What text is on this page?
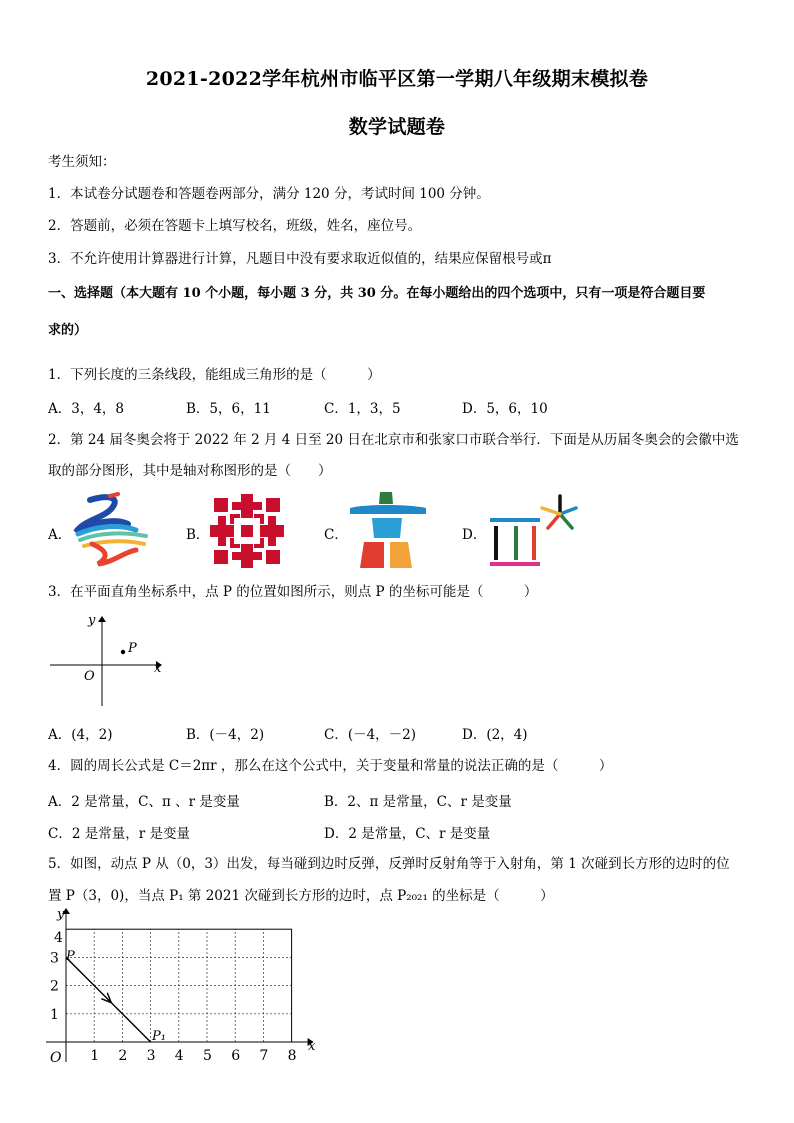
2021-2022学年杭州市临平区第一学期八年级期末模拟卷
数学试题卷
考生须知：
1．本试卷分试题卷和答题卷两部分，满分 120 分，考试时间 100 分钟。
2．答题前，必须在答题卡上填写校名，班级，姓名，座位号。
3．不允许使用计算器进行计算，凡题目中没有要求取近似值的，结果应保留根号或π
一、选择题（本大题有 10 个小题，每小题 3 分，共 30 分。在每小题给出的四个选项中，只有一项是符合题目要
求的）
1．下列长度的三条线段，能组成三角形的是（　　　）
A．3，4，8	B．5，6，11	C．1，3，5	D．5，6，10
2．第 24 届冬奥会将于 2022 年 2 月 4 日至 20 日在北京市和张家口市联合举行．下面是从历届冬奥会的会徽中选
取的部分图形，其中是轴对称图形的是（　　）
A．	B．	C．	D．
3．在平面直角坐标系中，点 P 的位置如图所示，则点 P 的坐标可能是（　　　）
P
x
y
O
A．(4，2)	B．(－4，2)	C．(－4，－2)	D．(2，4)
4．圆的周长公式是 C＝2πr ，那么在这个公式中，关于变量和常量的说法正确的是（　　　）
A．2 是常量，C、π 、r 是变量	B．2、π 是常量，C、r 是变量
C．2 是常量，r 是变量	D．2 是常量，C、r 是变量
5．如图，动点 P 从（0，3）出发，每当碰到边时反弹，反弹时反射角等于入射角，第 1 次碰到长方形的边时的位
置 P（3，0)，当点 P₁ 第 2021 次碰到长方形的边时，点 P₂₀₂₁ 的坐标是（　　　）
1 2 3 4 5 6 7 8
1
2
3
4
O
y
x
P
P₁
